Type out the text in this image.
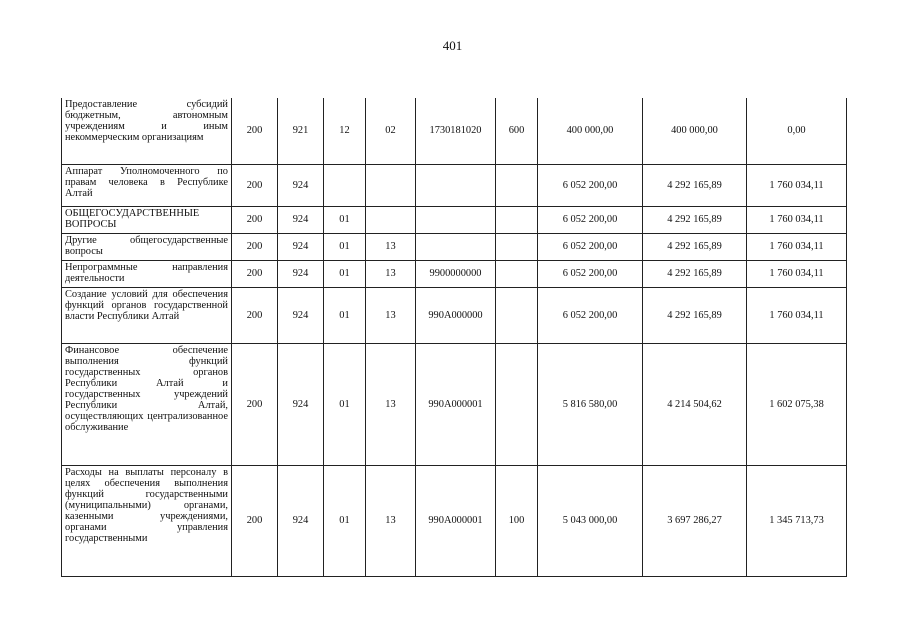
401
Предоставление субсидий бюджетным, автономным учреждениям и иным некоммерческим организациям	200	921	12	02	1730181020	600	400 000,00	400 000,00	0,00
Аппарат Уполномоченного по правам человека в Республике Алтай	200	924					6 052 200,00	4 292 165,89	1 760 034,11
ОБЩЕГОСУДАРСТВЕННЫЕ ВОПРОСЫ	200	924	01				6 052 200,00	4 292 165,89	1 760 034,11
Другие общегосударственные вопросы	200	924	01	13			6 052 200,00	4 292 165,89	1 760 034,11
Непрограммные направления деятельности	200	924	01	13	9900000000		6 052 200,00	4 292 165,89	1 760 034,11
Создание условий для обеспечения функций органов государственной власти Республики Алтай	200	924	01	13	990А000000		6 052 200,00	4 292 165,89	1 760 034,11
Финансовое обеспечение выполнения функций государственных органов Республики Алтай и государственных учреждений Республики Алтай, осуществляющих централизованное обслуживание	200	924	01	13	990А000001		5 816 580,00	4 214 504,62	1 602 075,38
Расходы на выплаты персоналу в целях обеспечения выполнения функций государственными (муниципальными) органами, казенными учреждениями, органами управления государственными	200	924	01	13	990А000001	100	5 043 000,00	3 697 286,27	1 345 713,73
